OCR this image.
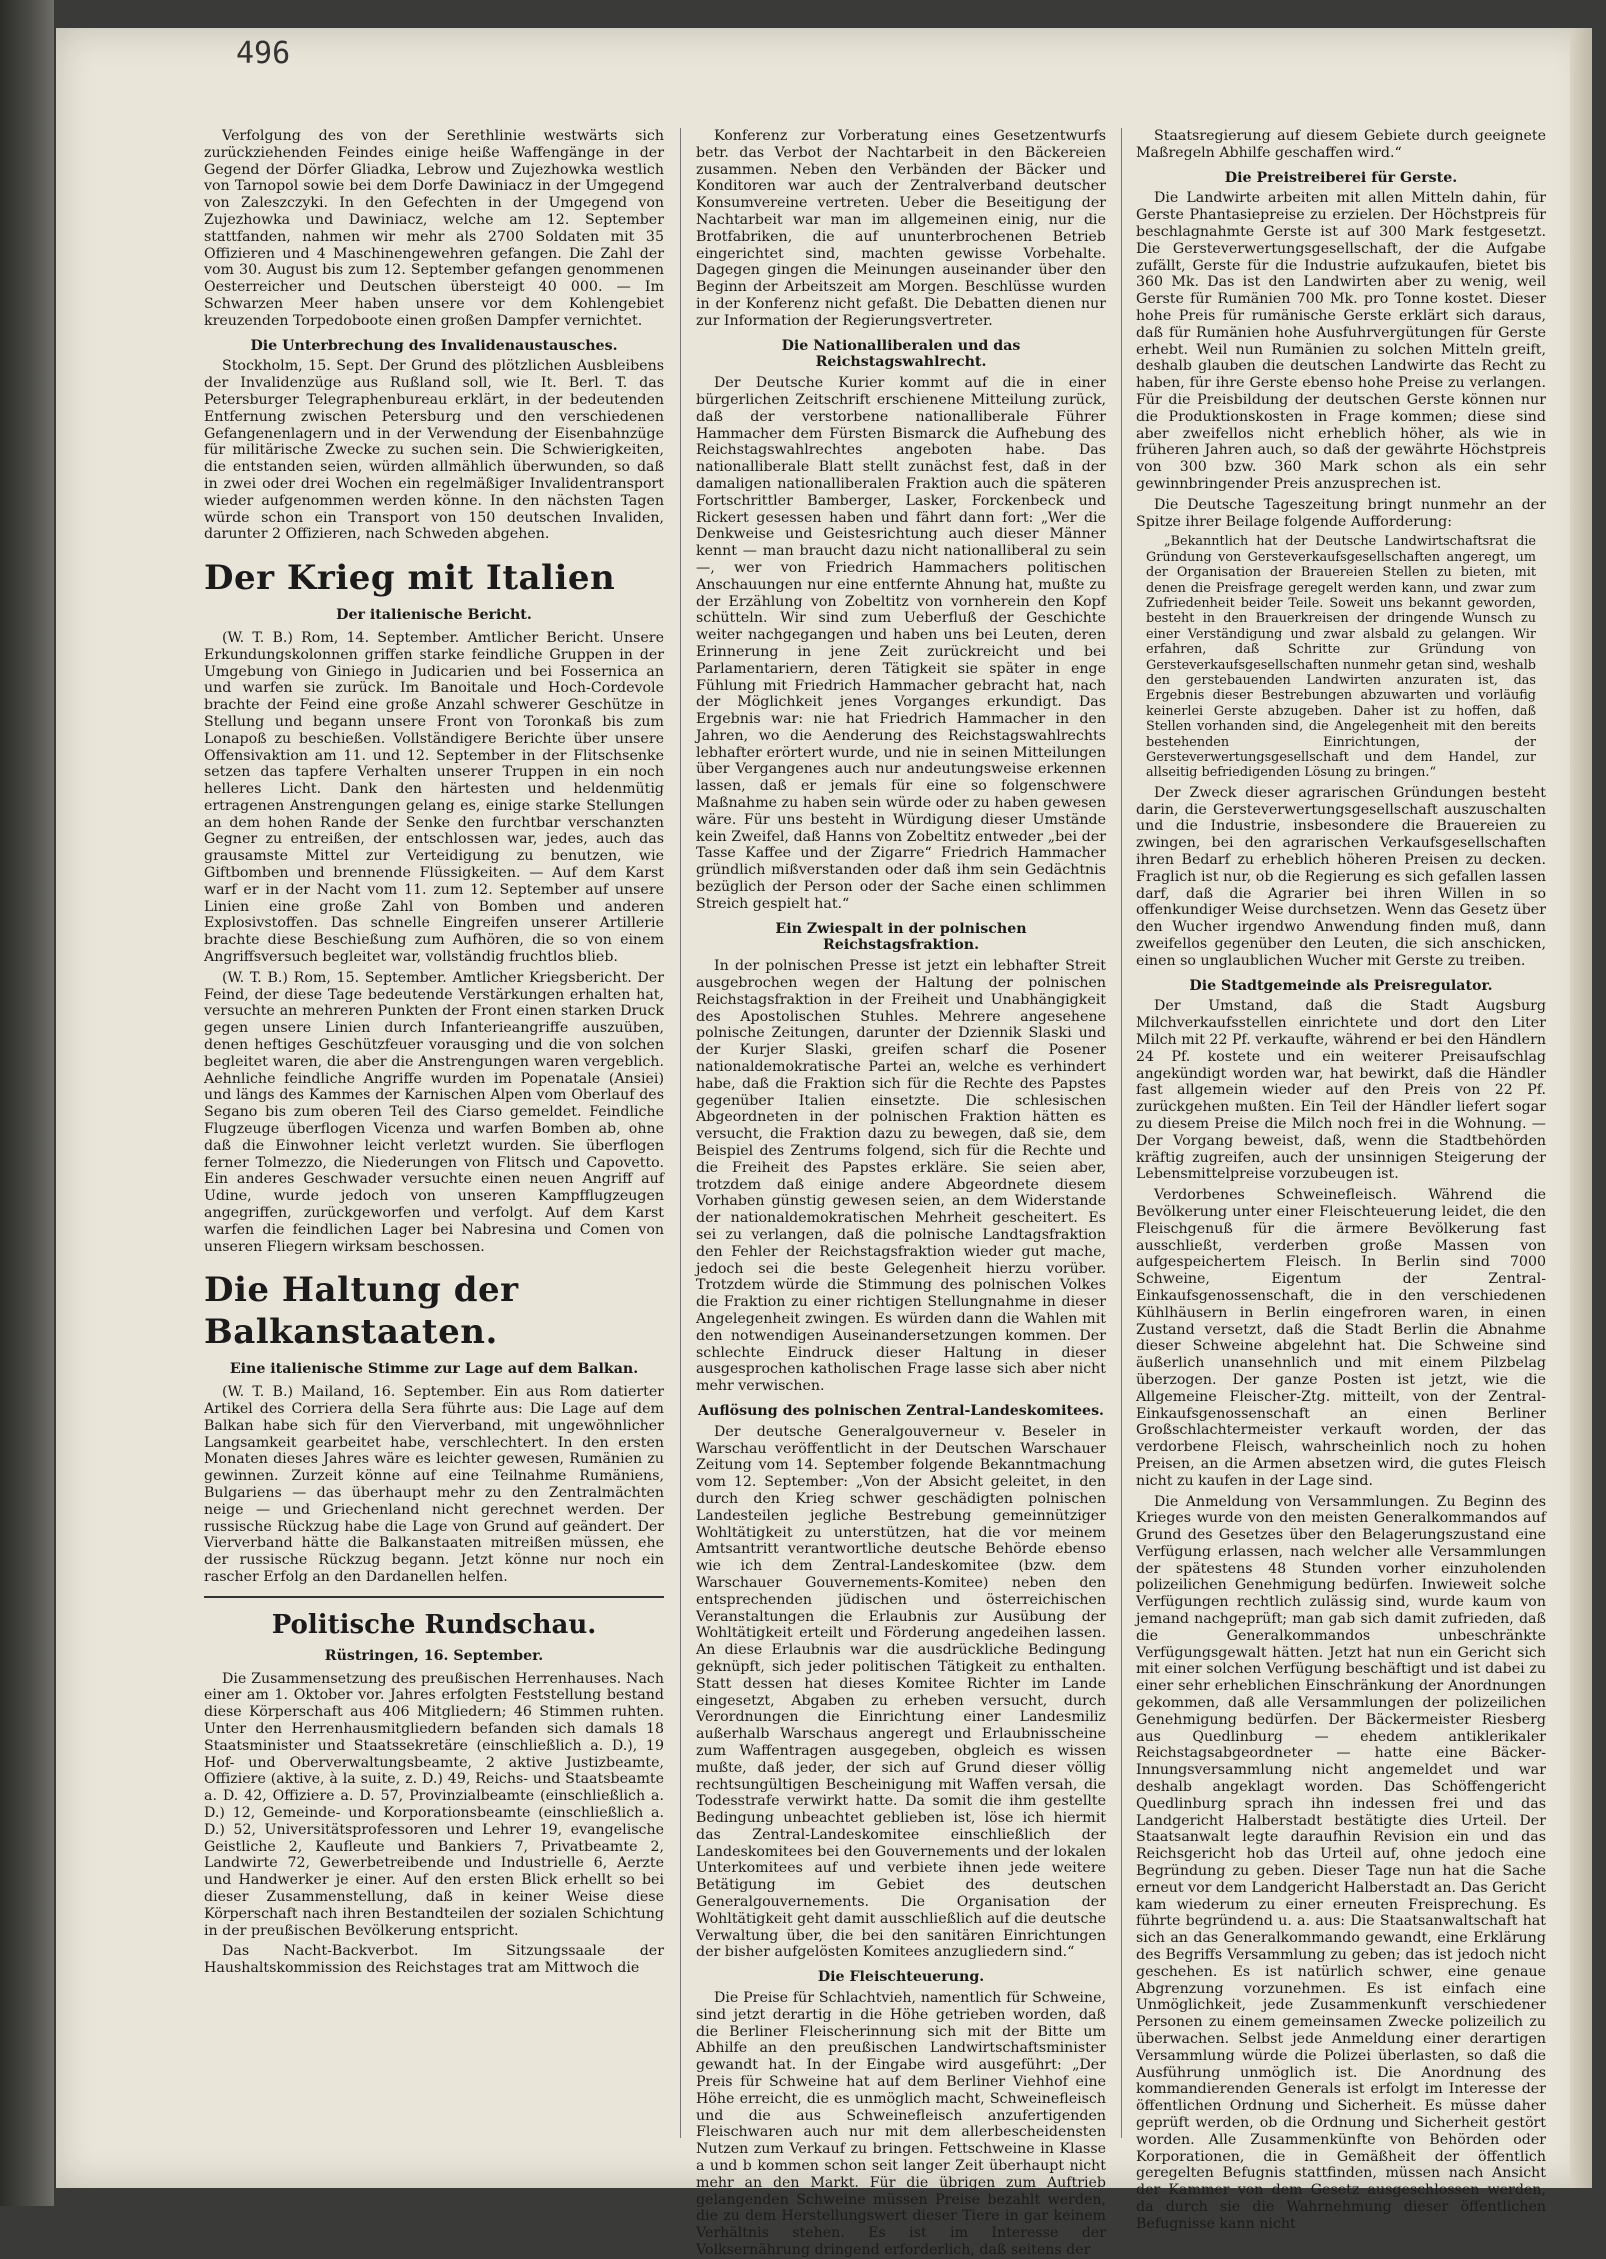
496

Verfolgung des von der Serethlinie westwärts sich zurückziehenden Feindes einige heiße Waffengänge in der Gegend der Dörfer Gliadka, Lebrow und Zujezhowka westlich von Tarnopol sowie bei dem Dorfe Dawiniacz in der Umgegend von Zaleszczyki. In den Gefechten in der Umgegend von Zujezhowka und Dawiniacz, welche am 12. September stattfanden, nahmen wir mehr als 2700 Soldaten mit 35 Offizieren und 4 Maschinengewehren gefangen. Die Zahl der vom 30. August bis zum 12. September gefangen genommenen Oesterreicher und Deutschen übersteigt 40 000. — Im Schwarzen Meer haben unsere vor dem Kohlengebiet kreuzenden Torpedoboote einen großen Dampfer vernichtet.

Die Unterbrechung des Invalidenaustausches.

Stockholm, 15. Sept. Der Grund des plötzlichen Ausbleibens der Invalidenzüge aus Rußland soll, wie It. Berl. T. das Petersburger Telegraphenbureau erklärt, in der bedeutenden Entfernung zwischen Petersburg und den verschiedenen Gefangenenlagern und in der Verwendung der Eisenbahnzüge für militärische Zwecke zu suchen sein. Die Schwierigkeiten, die entstanden seien, würden allmählich überwunden, so daß in zwei oder drei Wochen ein regelmäßiger Invalidentransport wieder aufgenommen werden könne. In den nächsten Tagen würde schon ein Transport von 150 deutschen Invaliden, darunter 2 Offizieren, nach Schweden abgehen.

Der Krieg mit Italien

Der italienische Bericht.

(W. T. B.) Rom, 14. September. Amtlicher Bericht. Unsere Erkundungskolonnen griffen starke feindliche Gruppen in der Umgebung von Giniego in Judicarien und bei Fossernica an und warfen sie zurück. Im Banoitale und Hoch-Cordevole brachte der Feind eine große Anzahl schwerer Geschütze in Stellung und begann unsere Front von Toronkaß bis zum Lonapoß zu beschießen. Vollständigere Berichte über unsere Offensivaktion am 11. und 12. September in der Flitschsenke setzen das tapfere Verhalten unserer Truppen in ein noch helleres Licht. Dank den härtesten und heldenmütig ertragenen Anstrengungen gelang es, einige starke Stellungen an dem hohen Rande der Senke den furchtbar verschanzten Gegner zu entreißen, der entschlossen war, jedes, auch das grausamste Mittel zur Verteidigung zu benutzen, wie Giftbomben und brennende Flüssigkeiten. — Auf dem Karst warf er in der Nacht vom 11. zum 12. September auf unsere Linien eine große Zahl von Bomben und anderen Explosivstoffen. Das schnelle Eingreifen unserer Artillerie brachte diese Beschießung zum Aufhören, die so von einem Angriffsversuch begleitet war, vollständig fruchtlos blieb.

(W. T. B.) Rom, 15. September. Amtlicher Kriegsbericht. Der Feind, der diese Tage bedeutende Verstärkungen erhalten hat, versuchte an mehreren Punkten der Front einen starken Druck gegen unsere Linien durch Infanterieangriffe auszuüben, denen heftiges Geschützfeuer vorausging und die von solchen begleitet waren, die aber die Anstrengungen waren vergeblich. Aehnliche feindliche Angriffe wurden im Popenatale (Ansiei) und längs des Kammes der Karnischen Alpen vom Oberlauf des Segano bis zum oberen Teil des Ciarso gemeldet. Feindliche Flugzeuge überflogen Vicenza und warfen Bomben ab, ohne daß die Einwohner leicht verletzt wurden. Sie überflogen ferner Tolmezzo, die Niederungen von Flitsch und Capovetto. Ein anderes Geschwader versuchte einen neuen Angriff auf Udine, wurde jedoch von unseren Kampfflugzeugen angegriffen, zurückgeworfen und verfolgt. Auf dem Karst warfen die feindlichen Lager bei Nabresina und Comen von unseren Fliegern wirksam beschossen.

Die Haltung der Balkanstaaten.

Eine italienische Stimme zur Lage auf dem Balkan.

(W. T. B.) Mailand, 16. September. Ein aus Rom datierter Artikel des Corriera della Sera führte aus: Die Lage auf dem Balkan habe sich für den Vierverband, mit ungewöhnlicher Langsamkeit gearbeitet habe, verschlechtert. In den ersten Monaten dieses Jahres wäre es leichter gewesen, Rumänien zu gewinnen. Zurzeit könne auf eine Teilnahme Rumäniens, Bulgariens — das überhaupt mehr zu den Zentralmächten neige — und Griechenland nicht gerechnet werden. Der russische Rückzug habe die Lage von Grund auf geändert. Der Vierverband hätte die Balkanstaaten mitreißen müssen, ehe der russische Rückzug begann. Jetzt könne nur noch ein rascher Erfolg an den Dardanellen helfen.

Politische Rundschau.

Rüstringen, 16. September.

Die Zusammensetzung des preußischen Herrenhauses. Nach einer am 1. Oktober vor. Jahres erfolgten Feststellung bestand diese Körperschaft aus 406 Mitgliedern; 46 Stimmen ruhten. Unter den Herrenhausmitgliedern befanden sich damals 18 Staatsminister und Staatssekretäre (einschließlich a. D.), 19 Hof- und Oberverwaltungsbeamte, 2 aktive Justizbeamte, Offiziere (aktive, à la suite, z. D.) 49, Reichs- und Staatsbeamte a. D. 42, Offiziere a. D. 57, Provinzialbeamte (einschließlich a. D.) 12, Gemeinde- und Korporationsbeamte (einschließlich a. D.) 52, Universitätsprofessoren und Lehrer 19, evangelische Geistliche 2, Kaufleute und Bankiers 7, Privatbeamte 2, Landwirte 72, Gewerbetreibende und Industrielle 6, Aerzte und Handwerker je einer. Auf den ersten Blick erhellt so bei dieser Zusammenstellung, daß in keiner Weise diese Körperschaft nach ihren Bestandteilen der sozialen Schichtung in der preußischen Bevölkerung entspricht.

Das Nacht-Backverbot. Im Sitzungssaale der Haushaltskommission des Reichstages trat am Mittwoch die

Konferenz zur Vorberatung eines Gesetzentwurfs betr. das Verbot der Nachtarbeit in den Bäckereien zusammen. Neben den Verbänden der Bäcker und Konditoren war auch der Zentralverband deutscher Konsumvereine vertreten. Ueber die Beseitigung der Nachtarbeit war man im allgemeinen einig, nur die Brotfabriken, die auf ununterbrochenen Betrieb eingerichtet sind, machten gewisse Vorbehalte. Dagegen gingen die Meinungen auseinander über den Beginn der Arbeitszeit am Morgen. Beschlüsse wurden in der Konferenz nicht gefaßt. Die Debatten dienen nur zur Information der Regierungsvertreter.

Die Nationalliberalen und das Reichstagswahlrecht.

Der Deutsche Kurier kommt auf die in einer bürgerlichen Zeitschrift erschienene Mitteilung zurück, daß der verstorbene nationalliberale Führer Hammacher dem Fürsten Bismarck die Aufhebung des Reichstagswahlrechtes angeboten habe. Das nationalliberale Blatt stellt zunächst fest, daß in der damaligen nationalliberalen Fraktion auch die späteren Fortschrittler Bamberger, Lasker, Forckenbeck und Rickert gesessen haben und fährt dann fort: „Wer die Denkweise und Geistesrichtung auch dieser Männer kennt — man braucht dazu nicht nationalliberal zu sein —, wer von Friedrich Hammachers politischen Anschauungen nur eine entfernte Ahnung hat, mußte zu der Erzählung von Zobeltitz von vornherein den Kopf schütteln. Wir sind zum Ueberfluß der Geschichte weiter nachgegangen und haben uns bei Leuten, deren Erinnerung in jene Zeit zurückreicht und bei Parlamentariern, deren Tätigkeit sie später in enge Fühlung mit Friedrich Hammacher gebracht hat, nach der Möglichkeit jenes Vorganges erkundigt. Das Ergebnis war: nie hat Friedrich Hammacher in den Jahren, wo die Aenderung des Reichstagswahlrechts lebhafter erörtert wurde, und nie in seinen Mitteilungen über Vergangenes auch nur andeutungsweise erkennen lassen, daß er jemals für eine so folgenschwere Maßnahme zu haben sein würde oder zu haben gewesen wäre. Für uns besteht in Würdigung dieser Umstände kein Zweifel, daß Hanns von Zobeltitz entweder „bei der Tasse Kaffee und der Zigarre“ Friedrich Hammacher gründlich mißverstanden oder daß ihm sein Gedächtnis bezüglich der Person oder der Sache einen schlimmen Streich gespielt hat.“

Ein Zwiespalt in der polnischen Reichstagsfraktion.

In der polnischen Presse ist jetzt ein lebhafter Streit ausgebrochen wegen der Haltung der polnischen Reichstagsfraktion in der Freiheit und Unabhängigkeit des Apostolischen Stuhles. Mehrere angesehene polnische Zeitungen, darunter der Dziennik Slaski und der Kurjer Slaski, greifen scharf die Posener nationaldemokratische Partei an, welche es verhindert habe, daß die Fraktion sich für die Rechte des Papstes gegenüber Italien einsetzte. Die schlesischen Abgeordneten in der polnischen Fraktion hätten es versucht, die Fraktion dazu zu bewegen, daß sie, dem Beispiel des Zentrums folgend, sich für die Rechte und die Freiheit des Papstes erkläre. Sie seien aber, trotzdem daß einige andere Abgeordnete diesem Vorhaben günstig gewesen seien, an dem Widerstande der nationaldemokratischen Mehrheit gescheitert. Es sei zu verlangen, daß die polnische Landtagsfraktion den Fehler der Reichstagsfraktion wieder gut mache, jedoch sei die beste Gelegenheit hierzu vorüber. Trotzdem würde die Stimmung des polnischen Volkes die Fraktion zu einer richtigen Stellungnahme in dieser Angelegenheit zwingen. Es würden dann die Wahlen mit den notwendigen Auseinandersetzungen kommen. Der schlechte Eindruck dieser Haltung in dieser ausgesprochen katholischen Frage lasse sich aber nicht mehr verwischen.

Auflösung des polnischen Zentral-Landeskomitees.

Der deutsche Generalgouverneur v. Beseler in Warschau veröffentlicht in der Deutschen Warschauer Zeitung vom 14. September folgende Bekanntmachung vom 12. September: „Von der Absicht geleitet, in den durch den Krieg schwer geschädigten polnischen Landesteilen jegliche Bestrebung gemeinnütziger Wohltätigkeit zu unterstützen, hat die vor meinem Amtsantritt verantwortliche deutsche Behörde ebenso wie ich dem Zentral-Landeskomitee (bzw. dem Warschauer Gouvernements-Komitee) neben den entsprechenden jüdischen und österreichischen Veranstaltungen die Erlaubnis zur Ausübung der Wohltätigkeit erteilt und Förderung angedeihen lassen. An diese Erlaubnis war die ausdrückliche Bedingung geknüpft, sich jeder politischen Tätigkeit zu enthalten. Statt dessen hat dieses Komitee Richter im Lande eingesetzt, Abgaben zu erheben versucht, durch Verordnungen die Einrichtung einer Landesmiliz außerhalb Warschaus angeregt und Erlaubnisscheine zum Waffentragen ausgegeben, obgleich es wissen mußte, daß jeder, der sich auf Grund dieser völlig rechtsungültigen Bescheinigung mit Waffen versah, die Todesstrafe verwirkt hatte. Da somit die ihm gestellte Bedingung unbeachtet geblieben ist, löse ich hiermit das Zentral-Landeskomitee einschließlich der Landeskomitees bei den Gouvernements und der lokalen Unterkomitees auf und verbiete ihnen jede weitere Betätigung im Gebiet des deutschen Generalgouvernements. Die Organisation der Wohltätigkeit geht damit ausschließlich auf die deutsche Verwaltung über, die bei den sanitären Einrichtungen der bisher aufgelösten Komitees anzugliedern sind.“

Die Fleischteuerung.

Die Preise für Schlachtvieh, namentlich für Schweine, sind jetzt derartig in die Höhe getrieben worden, daß die Berliner Fleischerinnung sich mit der Bitte um Abhilfe an den preußischen Landwirtschaftsminister gewandt hat. In der Eingabe wird ausgeführt: „Der Preis für Schweine hat auf dem Berliner Viehhof eine Höhe erreicht, die es unmöglich macht, Schweinefleisch und die aus Schweinefleisch anzufertigenden Fleischwaren auch nur mit dem allerbescheidensten Nutzen zum Verkauf zu bringen. Fettschweine in Klasse a und b kommen schon seit langer Zeit überhaupt nicht mehr an den Markt. Für die übrigen zum Auftrieb gelangenden Schweine müssen Preise bezahlt werden, die zu dem Herstellungswert dieser Tiere in gar keinem Verhältnis stehen. Es ist im Interesse der Volksernährung dringend erforderlich, daß seitens der

Staatsregierung auf diesem Gebiete durch geeignete Maßregeln Abhilfe geschaffen wird.“

Die Preistreiberei für Gerste.

Die Landwirte arbeiten mit allen Mitteln dahin, für Gerste Phantasiepreise zu erzielen. Der Höchstpreis für beschlagnahmte Gerste ist auf 300 Mark festgesetzt. Die Gersteverwertungsgesellschaft, der die Aufgabe zufällt, Gerste für die Industrie aufzukaufen, bietet bis 360 Mk. Das ist den Landwirten aber zu wenig, weil Gerste für Rumänien 700 Mk. pro Tonne kostet. Dieser hohe Preis für rumänische Gerste erklärt sich daraus, daß für Rumänien hohe Ausfuhrvergütungen für Gerste erhebt. Weil nun Rumänien zu solchen Mitteln greift, deshalb glauben die deutschen Landwirte das Recht zu haben, für ihre Gerste ebenso hohe Preise zu verlangen. Für die Preisbildung der deutschen Gerste können nur die Produktionskosten in Frage kommen; diese sind aber zweifellos nicht erheblich höher, als wie in früheren Jahren auch, so daß der gewährte Höchstpreis von 300 bzw. 360 Mark schon als ein sehr gewinnbringender Preis anzusprechen ist.

Die Deutsche Tageszeitung bringt nunmehr an der Spitze ihrer Beilage folgende Aufforderung:

„Bekanntlich hat der Deutsche Landwirtschaftsrat die Gründung von Gersteverkaufsgesellschaften angeregt, um der Organisation der Brauereien Stellen zu bieten, mit denen die Preisfrage geregelt werden kann, und zwar zum Zufriedenheit beider Teile. Soweit uns bekannt geworden, besteht in den Brauerkreisen der dringende Wunsch zu einer Verständigung und zwar alsbald zu gelangen. Wir erfahren, daß Schritte zur Gründung von Gersteverkaufsgesellschaften nunmehr getan sind, weshalb den gerstebauenden Landwirten anzuraten ist, das Ergebnis dieser Bestrebungen abzuwarten und vorläufig keinerlei Gerste abzugeben. Daher ist zu hoffen, daß Stellen vorhanden sind, die Angelegenheit mit den bereits bestehenden Einrichtungen, der Gersteverwertungsgesellschaft und dem Handel, zur allseitig befriedigenden Lösung zu bringen.“

Der Zweck dieser agrarischen Gründungen besteht darin, die Gersteverwertungsgesellschaft auszuschalten und die Industrie, insbesondere die Brauereien zu zwingen, bei den agrarischen Verkaufsgesellschaften ihren Bedarf zu erheblich höheren Preisen zu decken. Fraglich ist nur, ob die Regierung es sich gefallen lassen darf, daß die Agrarier bei ihren Willen in so offenkundiger Weise durchsetzen. Wenn das Gesetz über den Wucher irgendwo Anwendung finden muß, dann zweifellos gegenüber den Leuten, die sich anschicken, einen so unglaublichen Wucher mit Gerste zu treiben.

Die Stadtgemeinde als Preisregulator.

Der Umstand, daß die Stadt Augsburg Milchverkaufsstellen einrichtete und dort den Liter Milch mit 22 Pf. verkaufte, während er bei den Händlern 24 Pf. kostete und ein weiterer Preisaufschlag angekündigt worden war, hat bewirkt, daß die Händler fast allgemein wieder auf den Preis von 22 Pf. zurückgehen mußten. Ein Teil der Händler liefert sogar zu diesem Preise die Milch noch frei in die Wohnung. — Der Vorgang beweist, daß, wenn die Stadtbehörden kräftig zugreifen, auch der unsinnigen Steigerung der Lebensmittelpreise vorzubeugen ist.

Verdorbenes Schweinefleisch. Während die Bevölkerung unter einer Fleischteuerung leidet, die den Fleischgenuß für die ärmere Bevölkerung fast ausschließt, verderben große Massen von aufgespeichertem Fleisch. In Berlin sind 7000 Schweine, Eigentum der Zentral-Einkaufsgenossenschaft, die in den verschiedenen Kühlhäusern in Berlin eingefroren waren, in einen Zustand versetzt, daß die Stadt Berlin die Abnahme dieser Schweine abgelehnt hat. Die Schweine sind äußerlich unansehnlich und mit einem Pilzbelag überzogen. Der ganze Posten ist jetzt, wie die Allgemeine Fleischer-Ztg. mitteilt, von der Zentral-Einkaufsgenossenschaft an einen Berliner Großschlachtermeister verkauft worden, der das verdorbene Fleisch, wahrscheinlich noch zu hohen Preisen, an die Armen absetzen wird, die gutes Fleisch nicht zu kaufen in der Lage sind.

Die Anmeldung von Versammlungen. Zu Beginn des Krieges wurde von den meisten Generalkommandos auf Grund des Gesetzes über den Belagerungszustand eine Verfügung erlassen, nach welcher alle Versammlungen der spätestens 48 Stunden vorher einzuholenden polizeilichen Genehmigung bedürfen. Inwieweit solche Verfügungen rechtlich zulässig sind, wurde kaum von jemand nachgeprüft; man gab sich damit zufrieden, daß die Generalkommandos unbeschränkte Verfügungsgewalt hätten. Jetzt hat nun ein Gericht sich mit einer solchen Verfügung beschäftigt und ist dabei zu einer sehr erheblichen Einschränkung der Anordnungen gekommen, daß alle Versammlungen der polizeilichen Genehmigung bedürfen. Der Bäckermeister Riesberg aus Quedlinburg — ehedem antiklerikaler Reichstagsabgeordneter — hatte eine Bäcker-Innungsversammlung nicht angemeldet und war deshalb angeklagt worden. Das Schöffengericht Quedlinburg sprach ihn indessen frei und das Landgericht Halberstadt bestätigte dies Urteil. Der Staatsanwalt legte daraufhin Revision ein und das Reichsgericht hob das Urteil auf, ohne jedoch eine Begründung zu geben. Dieser Tage nun hat die Sache erneut vor dem Landgericht Halberstadt an. Das Gericht kam wiederum zu einer erneuten Freisprechung. Es führte begründend u. a. aus: Die Staatsanwaltschaft hat sich an das Generalkommando gewandt, eine Erklärung des Begriffs Versammlung zu geben; das ist jedoch nicht geschehen. Es ist natürlich schwer, eine genaue Abgrenzung vorzunehmen. Es ist einfach eine Unmöglichkeit, jede Zusammenkunft verschiedener Personen zu einem gemeinsamen Zwecke polizeilich zu überwachen. Selbst jede Anmeldung einer derartigen Versammlung würde die Polizei überlasten, so daß die Ausführung unmöglich ist. Die Anordnung des kommandierenden Generals ist erfolgt im Interesse der öffentlichen Ordnung und Sicherheit. Es müsse daher geprüft werden, ob die Ordnung und Sicherheit gestört worden. Alle Zusammenkünfte von Behörden oder Korporationen, die in Gemäßheit der öffentlich geregelten Befugnis stattfinden, müssen nach Ansicht der Kammer von dem Gesetz ausgeschlossen werden, da durch sie die Wahrnehmung dieser öffentlichen Befugnisse kann nicht
